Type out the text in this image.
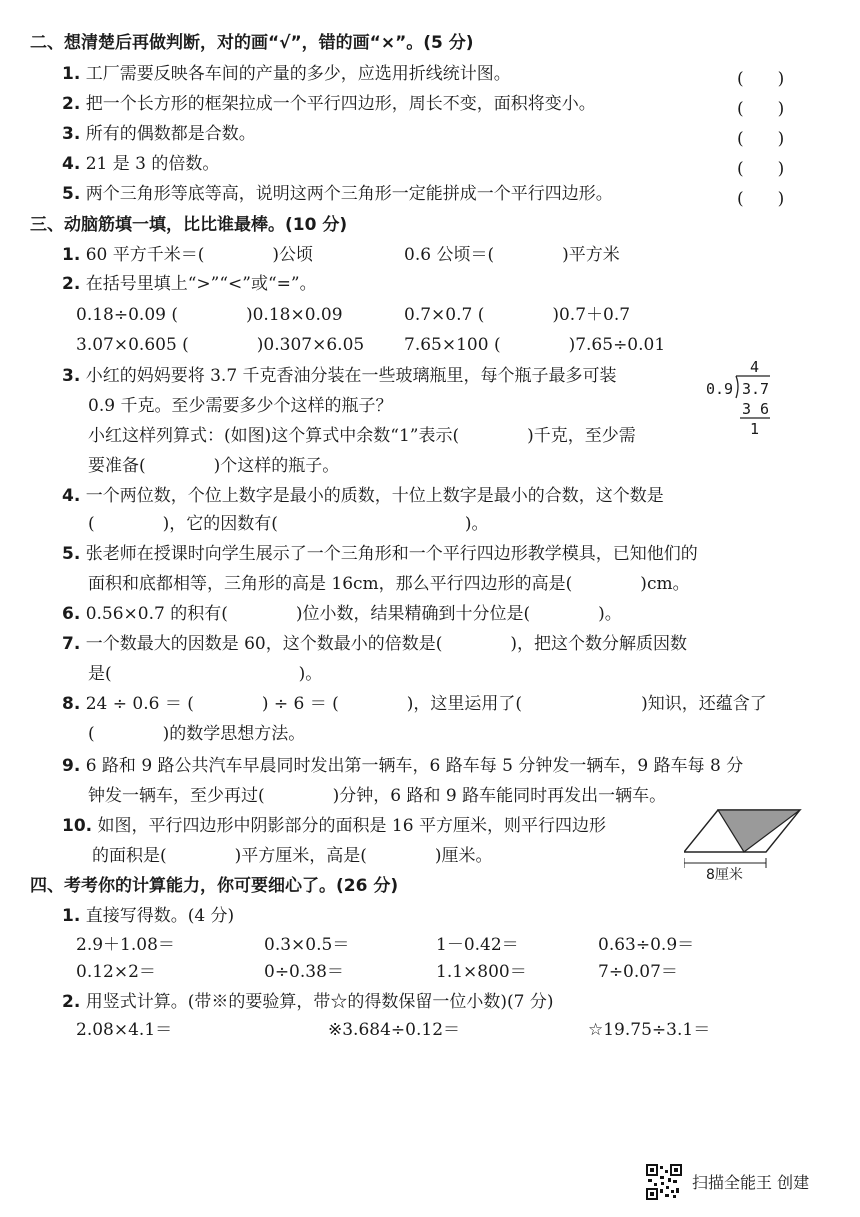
二、想清楚后再做判断，对的画“√”，错的画“×”。(5 分)
1. 工厂需要反映各车间的产量的多少，应选用折线统计图。	(　　)
2. 把一个长方形的框架拉成一个平行四边形，周长不变，面积将变小。	(　　)
3. 所有的偶数都是合数。	(　　)
4. 21 是 3 的倍数。	(　　)
5. 两个三角形等底等高，说明这两个三角形一定能拼成一个平行四边形。	(　　)
三、动脑筋填一填，比比谁最棒。(10 分)
1. 60 平方千米＝(　　　　)公顷	0.6 公顷＝(　　　　)平方米
2. 在括号里填上“>”“<”或“=”。
0.18÷0.09 (　　　　)0.18×0.09	0.7×0.7 (　　　　)0.7＋0.7
3.07×0.605 (　　　　)0.307×6.05 7.65×100 (　　　　)7.65÷0.01
3. 小红的妈妈要将 3.7 千克香油分装在一些玻璃瓶里，每个瓶子最多可装
0.9 千克。至少需要多少个这样的瓶子？
小红这样列算式：(如图)这个算式中余数“1”表示(　　　　)千克，至少需
要准备(　　　　)个这样的瓶子。
4
0.9 3.7
3 6
1
4. 一个两位数，个位上数字是最小的质数，十位上数字是最小的合数，这个数是
(　　　　)，它的因数有(　　　　　　　　　　　)。
5. 张老师在授课时向学生展示了一个三角形和一个平行四边形教学模具，已知他们的
面积和底都相等，三角形的高是 16cm，那么平行四边形的高是(　　　　)cm。
6. 0.56×0.7 的积有(　　　　)位小数，结果精确到十分位是(　　　　)。
7. 一个数最大的因数是 60，这个数最小的倍数是(　　　　)，把这个数分解质因数
是(　　　　　　　　　　　)。
8. 24 ÷ 0.6 ＝ (　　　　) ÷ 6 ＝ (　　　　)，这里运用了(　　　　　　　)知识，还蕴含了
(　　　　)的数学思想方法。
9. 6 路和 9 路公共汽车早晨同时发出第一辆车，6 路车每 5 分钟发一辆车，9 路车每 8 分
钟发一辆车，至少再过(　　　　)分钟，6 路和 9 路车能同时再发出一辆车。
10. 如图，平行四边形中阴影部分的面积是 16 平方厘米，则平行四边形
的面积是(　　　　)平方厘米，高是(　　　　)厘米。
8厘米
四、考考你的计算能力，你可要细心了。(26 分)
1. 直接写得数。(4 分)
2.9＋1.08＝	0.3×0.5＝	1－0.42＝	0.63÷0.9＝
0.12×2＝	0÷0.38＝	1.1×800＝	7÷0.07＝
2. 用竖式计算。(带※的要验算，带☆的得数保留一位小数)(7 分)
2.08×4.1＝	※3.684÷0.12＝	☆19.75÷3.1＝
扫描全能王 创建
